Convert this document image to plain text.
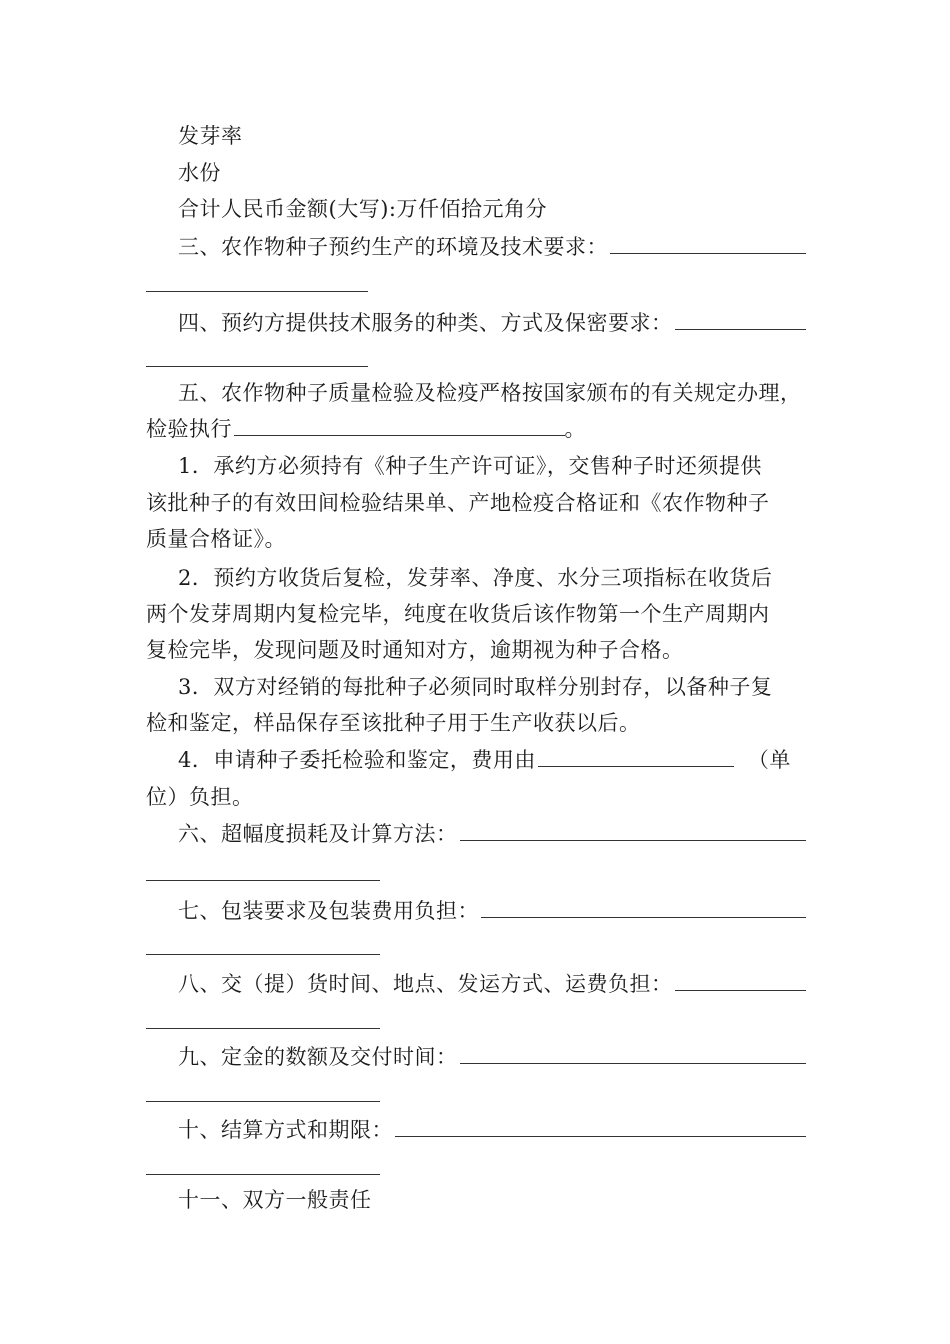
发芽率
水份
合计人民币金额(大写):万仟佰拾元角分
三、农作物种子预约生产的环境及技术要求：
四、预约方提供技术服务的种类、方式及保密要求：
五、农作物种子质量检验及检疫严格按国家颁布的有关规定办理，
检验执行	。
1．承约方必须持有《种子生产许可证》，交售种子时还须提供
该批种子的有效田间检验结果单、产地检疫合格证和《农作物种子
质量合格证》。
2．预约方收货后复检，发芽率、净度、水分三项指标在收货后
两个发芽周期内复检完毕，纯度在收货后该作物第一个生产周期内
复检完毕，发现问题及时通知对方，逾期视为种子合格。
3．双方对经销的每批种子必须同时取样分别封存，以备种子复
检和鉴定，样品保存至该批种子用于生产收获以后。
4．申请种子委托检验和鉴定，费用由	（单
位）负担。
六、超幅度损耗及计算方法：
七、包装要求及包装费用负担：
八、交（提）货时间、地点、发运方式、运费负担：
九、定金的数额及交付时间：
十、结算方式和期限：
十一、双方一般责任
